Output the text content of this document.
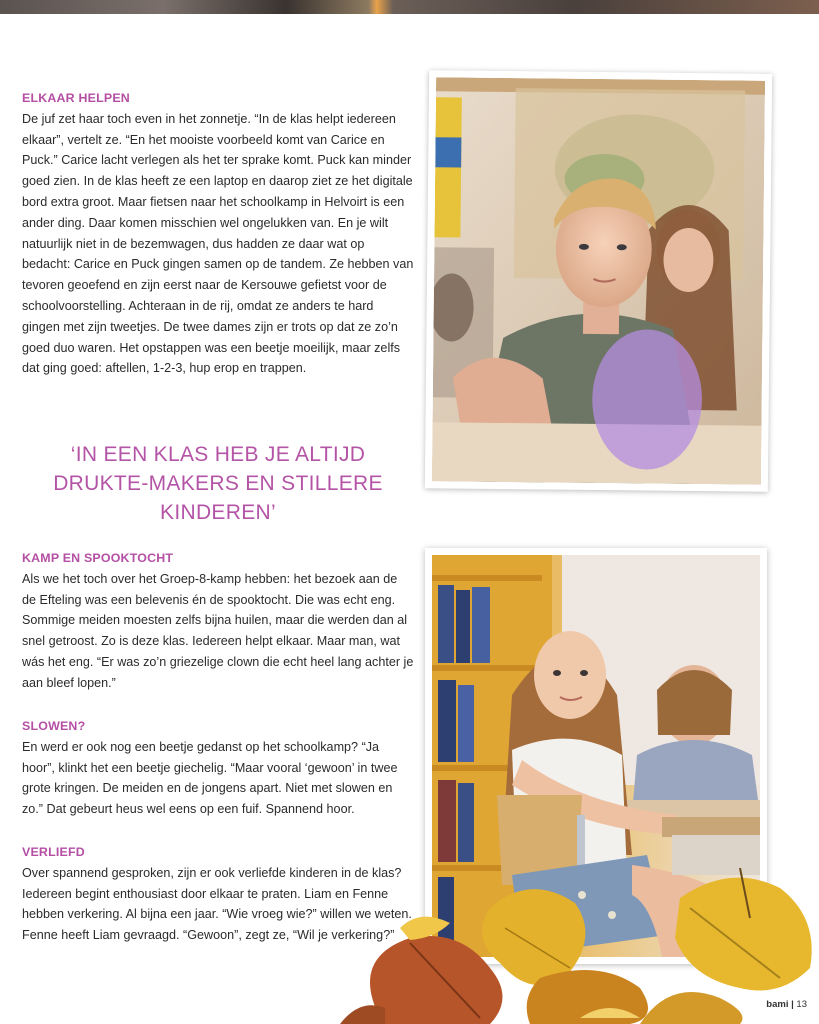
ELKAAR HELPEN
De juf zet haar toch even in het zonnetje. “In de klas helpt iedereen elkaar”, vertelt ze. “En het mooiste voorbeeld komt van Carice en Puck.” Carice lacht verlegen als het ter sprake komt. Puck kan minder goed zien. In de klas heeft ze een laptop en daarop ziet ze het digitale bord extra groot. Maar fietsen naar het schoolkamp in Helvoirt is een ander ding. Daar komen misschien wel ongelukken van. En je wilt natuurlijk niet in de bezemwagen, dus hadden ze daar wat op bedacht: Carice en Puck gingen samen op de tandem. Ze hebben van tevoren geoefend en zijn eerst naar de Kersouwe gefietst voor de schoolvoorstelling. Achteraan in de rij, omdat ze anders te hard gingen met zijn tweetjes. De twee dames zijn er trots op dat ze zo’n goed duo waren. Het opstappen was een beetje moeilijk, maar zelfs dat ging goed: aftellen, 1-2-3, hup erop en trappen.
‘IN EEN KLAS HEB JE ALTIJD DRUKTE-MAKERS EN STILLERE KINDEREN’
KAMP EN SPOOKTOCHT
Als we het toch over het Groep-8-kamp hebben: het bezoek aan de de Efteling was een belevenis én de spooktocht. Die was echt eng. Sommige meiden moesten zelfs bijna huilen, maar die werden dan al snel getroost. Zo is deze klas. Iedereen helpt elkaar. Maar man, wat wás het eng. “Er was zo’n griezelige clown die echt heel lang achter je aan bleef lopen.”
SLOWEN?
En werd er ook nog een beetje gedanst op het schoolkamp? “Ja hoor”, klinkt het een beetje giechelig. “Maar vooral ‘gewoon’ in twee grote kringen. De meiden en de jongens apart. Niet met slowen en zo.” Dat gebeurt heus wel eens op een fuif. Spannend hoor.
VERLIEFD
Over spannend gesproken, zijn er ook verliefde kinderen in de klas? Iedereen begint enthousiast door elkaar te praten. Liam en Fenne hebben verkering. Al bijna een jaar. “Wie vroeg wie?” willen we weten. Fenne heeft Liam gevraagd. “Gewoon”, zegt ze, “Wil je verkering?”
bami | 13
